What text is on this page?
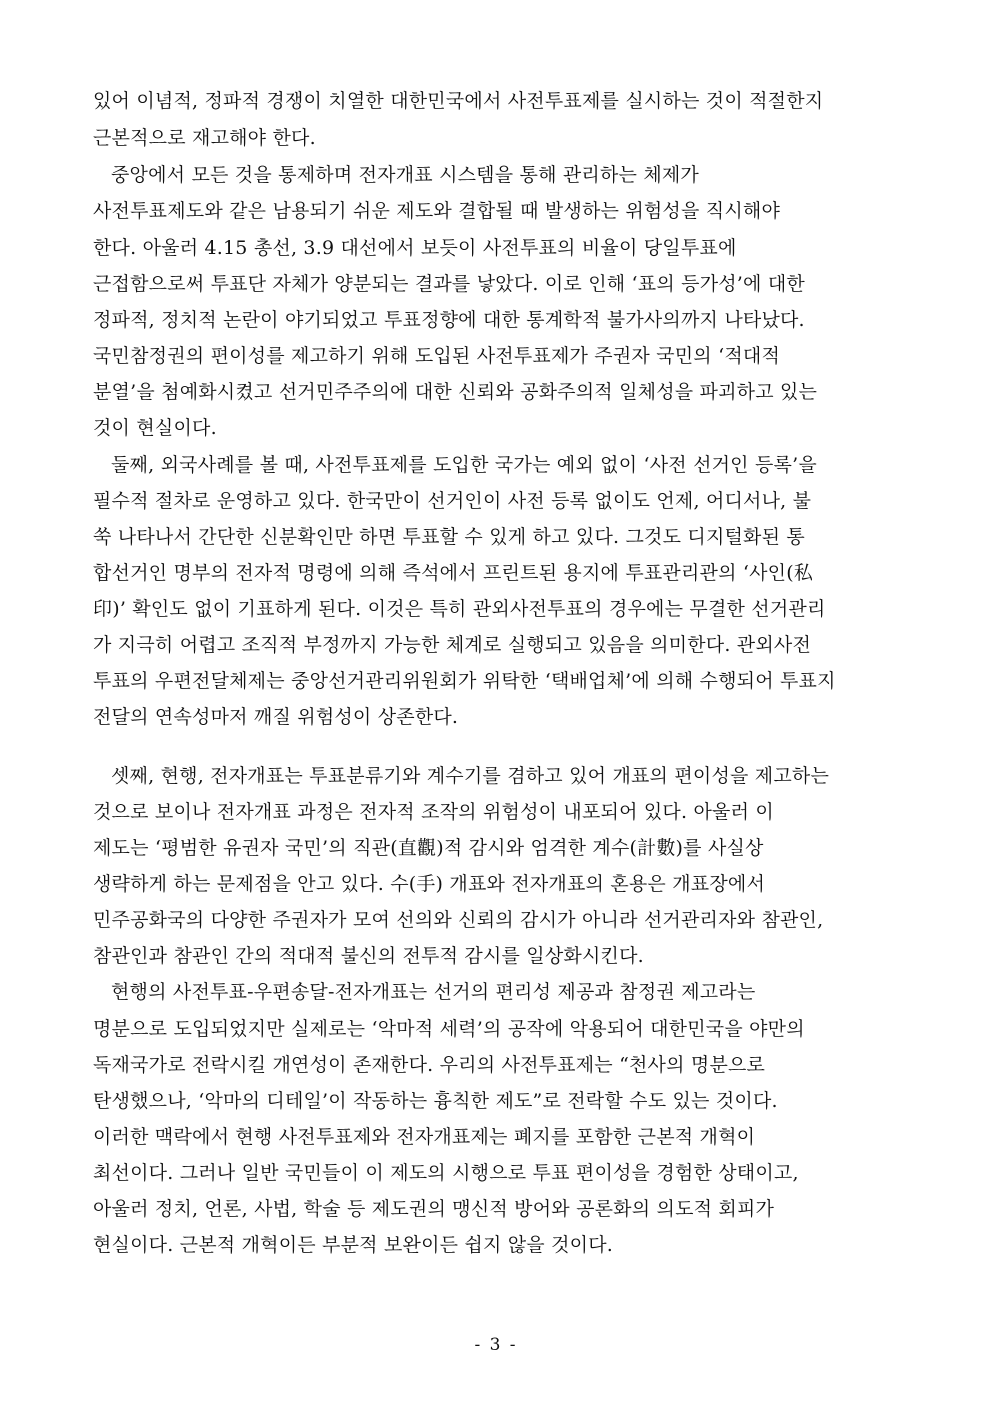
있어 이념적, 정파적 경쟁이 치열한 대한민국에서 사전투표제를 실시하는 것이 적절한지
근본적으로 재고해야 한다.
중앙에서 모든 것을 통제하며 전자개표 시스템을 통해 관리하는 체제가
사전투표제도와 같은 남용되기 쉬운 제도와 결합될 때 발생하는 위험성을 직시해야
한다. 아울러 4.15 총선, 3.9 대선에서 보듯이 사전투표의 비율이 당일투표에
근접함으로써 투표단 자체가 양분되는 결과를 낳았다. 이로 인해 ‘표의 등가성’에 대한
정파적, 정치적 논란이 야기되었고 투표정향에 대한 통계학적 불가사의까지 나타났다.
국민참정권의 편이성를 제고하기 위해 도입된 사전투표제가 주권자 국민의 ‘적대적
분열’을 첨예화시켰고 선거민주주의에 대한 신뢰와 공화주의적 일체성을 파괴하고 있는
것이 현실이다.
둘째, 외국사례를 볼 때, 사전투표제를 도입한 국가는 예외 없이 ‘사전 선거인 등록’을
필수적 절차로 운영하고 있다. 한국만이 선거인이 사전 등록 없이도 언제, 어디서나, 불
쑥 나타나서 간단한 신분확인만 하면 투표할 수 있게 하고 있다. 그것도 디지털화된 통
합선거인 명부의 전자적 명령에 의해 즉석에서 프린트된 용지에 투표관리관의 ‘사인(私
印)’ 확인도 없이 기표하게 된다. 이것은 특히 관외사전투표의 경우에는 무결한 선거관리
가 지극히 어렵고 조직적 부정까지 가능한 체계로 실행되고 있음을 의미한다. 관외사전
투표의 우편전달체제는 중앙선거관리위원회가 위탁한 ‘택배업체’에 의해 수행되어 투표지
전달의 연속성마저 깨질 위험성이 상존한다.
셋째, 현행, 전자개표는 투표분류기와 계수기를 겸하고 있어 개표의 편이성을 제고하는
것으로 보이나 전자개표 과정은 전자적 조작의 위험성이 내포되어 있다. 아울러 이
제도는 ‘평범한 유권자 국민’의 직관(直觀)적 감시와 엄격한 계수(計數)를 사실상
생략하게 하는 문제점을 안고 있다. 수(手) 개표와 전자개표의 혼용은 개표장에서
민주공화국의 다양한 주권자가 모여 선의와 신뢰의 감시가 아니라 선거관리자와 참관인,
참관인과 참관인 간의 적대적 불신의 전투적 감시를 일상화시킨다.
현행의 사전투표-우편송달-전자개표는 선거의 편리성 제공과 참정권 제고라는
명분으로 도입되었지만 실제로는 ‘악마적 세력’의 공작에 악용되어 대한민국을 야만의
독재국가로 전락시킬 개연성이 존재한다. 우리의 사전투표제는 “천사의 명분으로
탄생했으나, ‘악마의 디테일’이 작동하는 흉칙한 제도”로 전락할 수도 있는 것이다.
이러한 맥락에서 현행 사전투표제와 전자개표제는 폐지를 포함한 근본적 개혁이
최선이다. 그러나 일반 국민들이 이 제도의 시행으로 투표 편이성을 경험한 상태이고,
아울러 정치, 언론, 사법, 학술 등 제도권의 맹신적 방어와 공론화의 의도적 회피가
현실이다. 근본적 개혁이든 부분적 보완이든 쉽지 않을 것이다.
- 3 -
